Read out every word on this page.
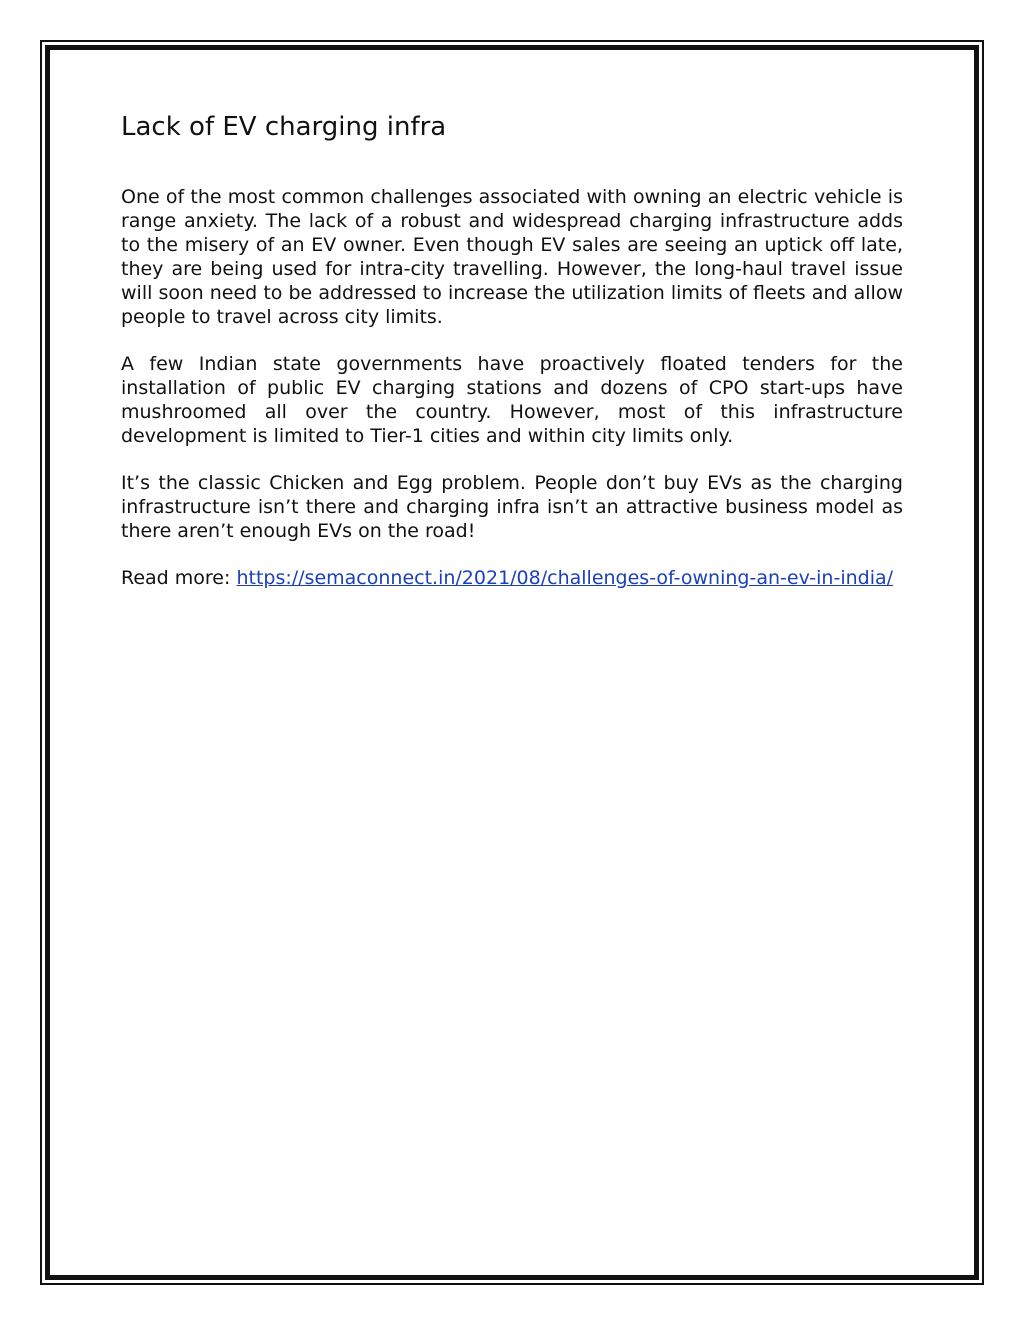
Lack of EV charging infra

One of the most common challenges associated with owning an electric vehicle is range anxiety. The lack of a robust and widespread charging infrastructure adds to the misery of an EV owner. Even though EV sales are seeing an uptick off late, they are being used for intra-city travelling. However, the long-haul travel issue will soon need to be addressed to increase the utilization limits of fleets and allow people to travel across city limits.

A few Indian state governments have proactively floated tenders for the installation of public EV charging stations and dozens of CPO start-ups have mushroomed all over the country. However, most of this infrastructure development is limited to Tier-1 cities and within city limits only.

It’s the classic Chicken and Egg problem. People don’t buy EVs as the charging infrastructure isn’t there and charging infra isn’t an attractive business model as there aren’t enough EVs on the road!

Read more: https://semaconnect.in/2021/08/challenges-of-owning-an-ev-in-india/
